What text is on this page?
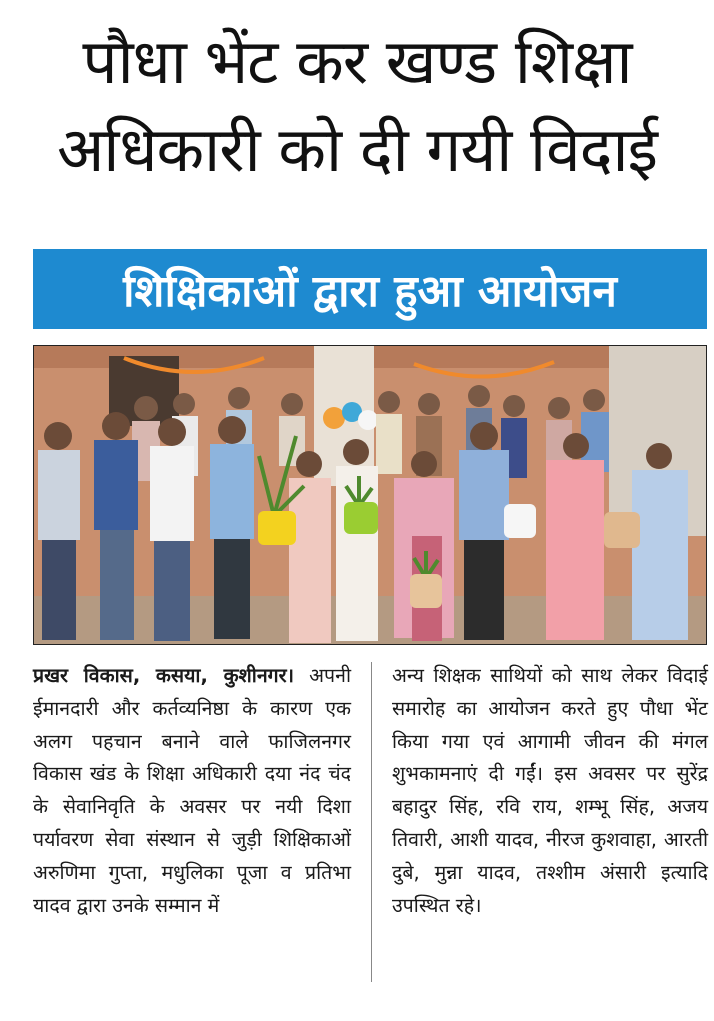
पौधा भेंट कर खण्ड शिक्षा
अधिकारी को दी गयी विदाई
शिक्षिकाओं द्वारा हुआ आयोजन
प्रखर विकास, कसया, कुशीनगर। अपनी ईमानदारी और कर्तव्यनिष्ठा के कारण एक अलग पहचान बनाने वाले फाजिलनगर विकास खंड के शिक्षा अधिकारी दया नंद चंद के सेवानिवृति के अवसर पर नयी दिशा पर्यावरण सेवा संस्थान से जुड़ी शिक्षिकाओं अरुणिमा गुप्ता, मधुलिका पूजा व प्रतिभा यादव द्वारा उनके सम्मान में
अन्य शिक्षक साथियों को साथ लेकर विदाई समारोह का आयोजन करते हुए पौधा भेंट किया गया एवं आगामी जीवन की मंगल शुभकामनाएं दी गईं। इस अवसर पर सुरेंद्र बहादुर सिंह, रवि राय, शम्भू सिंह, अजय तिवारी, आशी यादव, नीरज कुशवाहा, आरती दुबे, मुन्ना यादव, तश्शीम अंसारी इत्यादि उपस्थित रहे।
